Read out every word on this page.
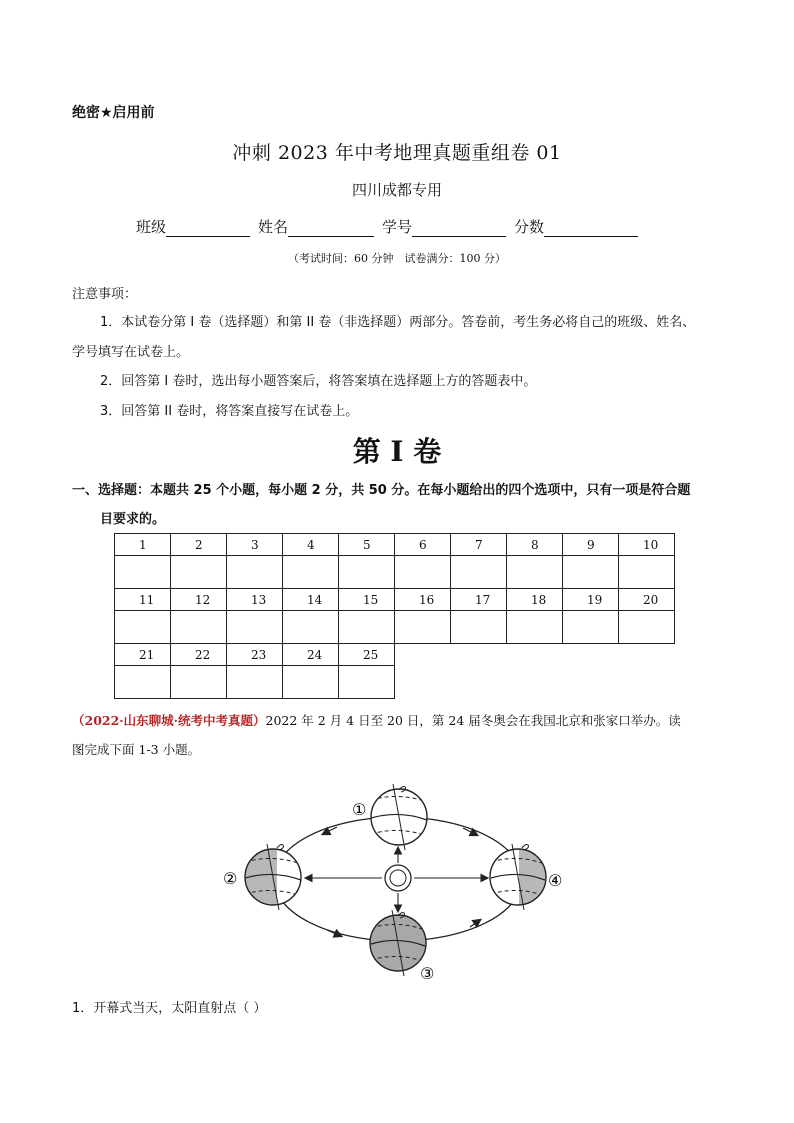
绝密★启用前
冲刺 2023 年中考地理真题重组卷 01
四川成都专用
班级	姓名	学号	分数
（考试时间：60 分钟　试卷满分：100 分）
注意事项：
1．本试卷分第 I 卷（选择题）和第 II 卷（非选择题）两部分。答卷前，考生务必将自己的班级、姓名、
学号填写在试卷上。
2．回答第 I 卷时，选出每小题答案后，将答案填在选择题上方的答题表中。
3．回答第 II 卷时，将答案直接写在试卷上。
第 I 卷
一、选择题：本题共 25 个小题，每小题 2 分，共 50 分。在每小题给出的四个选项中，只有一项是符合题
目要求的。
1	2	3	4	5	6	7	8	9	10

11	12	13	14	15	16	17	18	19	20

21	22	23	24	25					

（2022·山东聊城·统考中考真题）2022 年 2 月 4 日至 20 日，第 24 届冬奥会在我国北京和张家口举办。读
图完成下面 1-3 小题。
①
②
③
④
1．开幕式当天，太阳直射点（ ）
